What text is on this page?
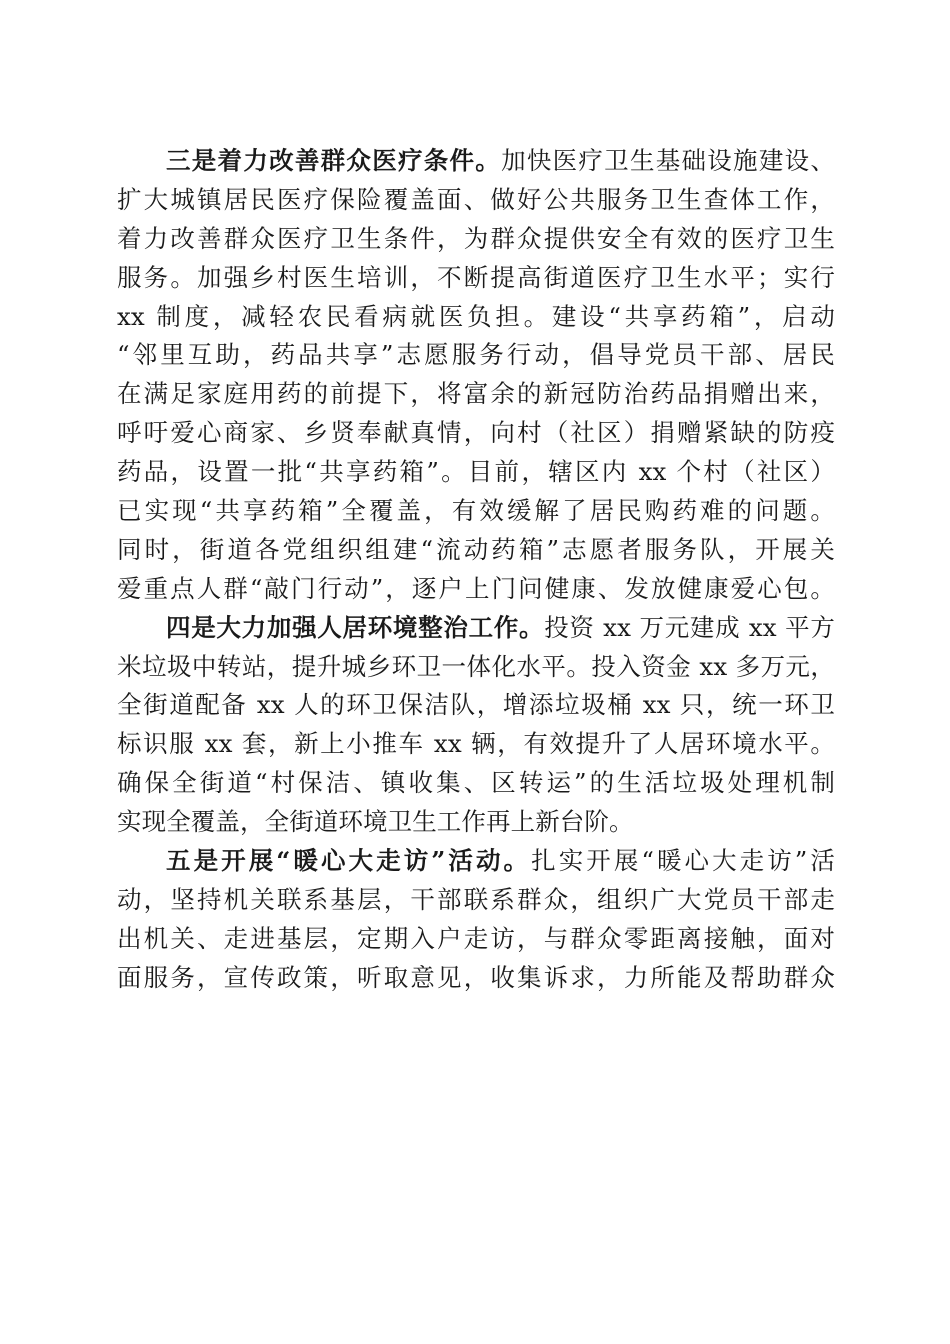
三是着力改善群众医疗条件。加快医疗卫生基础设施建设、
扩大城镇居民医疗保险覆盖面、做好公共服务卫生查体工作，
着力改善群众医疗卫生条件，为群众提供安全有效的医疗卫生
服务。加强乡村医生培训，不断提高街道医疗卫生水平；实行
xx 制度，减轻农民看病就医负担。建设“共享药箱”，启动
“邻里互助，药品共享”志愿服务行动，倡导党员干部、居民
在满足家庭用药的前提下，将富余的新冠防治药品捐赠出来，
呼吁爱心商家、乡贤奉献真情，向村（社区）捐赠紧缺的防疫
药品，设置一批“共享药箱”。目前，辖区内 xx 个村（社区）
已实现“共享药箱”全覆盖，有效缓解了居民购药难的问题。
同时，街道各党组织组建“流动药箱”志愿者服务队，开展关
爱重点人群“敲门行动”，逐户上门问健康、发放健康爱心包。
四是大力加强人居环境整治工作。投资 xx 万元建成 xx 平方
米垃圾中转站，提升城乡环卫一体化水平。投入资金 xx 多万元，
全街道配备 xx 人的环卫保洁队，增添垃圾桶 xx 只，统一环卫
标识服 xx 套，新上小推车 xx 辆，有效提升了人居环境水平。
确保全街道“村保洁、镇收集、区转运”的生活垃圾处理机制
实现全覆盖，全街道环境卫生工作再上新台阶。
五是开展“暖心大走访”活动。扎实开展“暖心大走访”活
动，坚持机关联系基层，干部联系群众，组织广大党员干部走
出机关、走进基层，定期入户走访，与群众零距离接触，面对
面服务，宣传政策，听取意见，收集诉求，力所能及帮助群众
